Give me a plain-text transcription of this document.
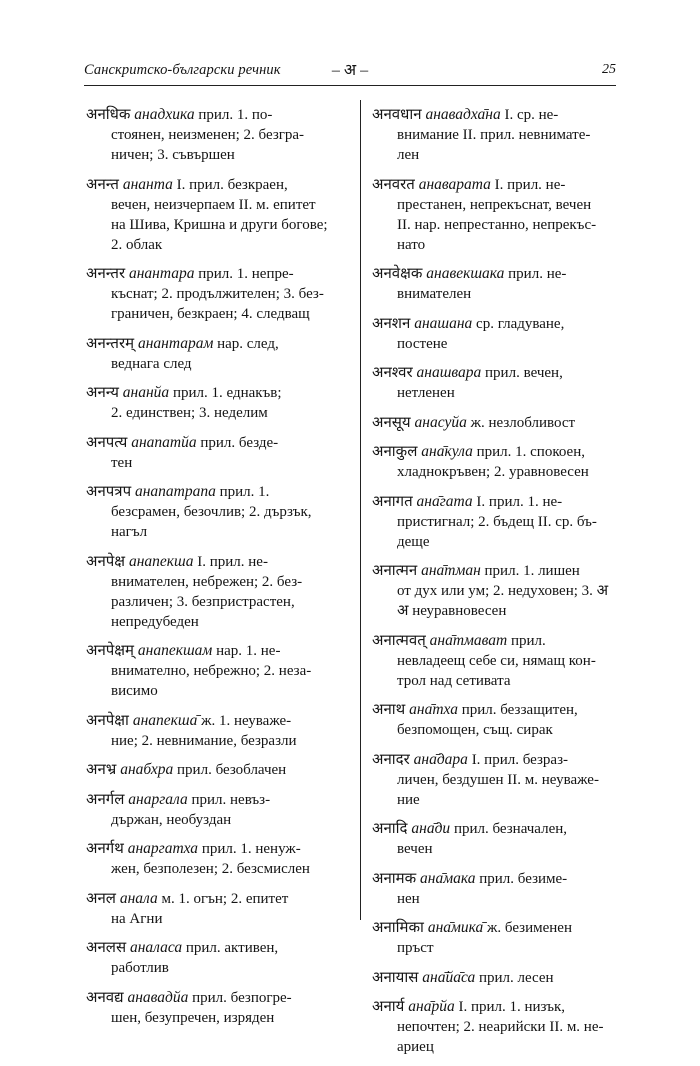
Санскритско-български речник	– अ –	25
अनधिक анадхика прил. 1. по-
стоянен, неизменен; 2. безгра-
ничен; 3. съвършен
अनन्त ананта I. прил. безкраен,
вечен, неизчерпаем II. м. епитет
на Шива, Кришна и други богове;
2. облак
अनन्तर анантара прил. 1. непре-
къснат; 2. продължителен; 3. без-
граничен, безкраен; 4. следващ
अनन्तरम् анантарам нар. след,
веднага след
अनन्य ананйа прил. 1. еднакъв;
2. единствен; 3. неделим
अनपत्य анапатйа прил. безде-
тен
अनपत्रप анапатрапа прил. 1.
безсрамен, безочлив; 2. дързък,
нагъл
अनपेक्ष анапекша I. прил. не-
внимателен, небрежен; 2. без-
различен; 3. безпристрастен,
непредубеден
अनपेक्षम् анапекшам нар. 1. не-
внимателно, небрежно; 2. неза-
висимо
अनपेक्षा анапекша̄ ж. 1. неуваже-
ние; 2. невнимание, безразли
अनभ्र анабхра прил. безоблачен
अनर्गल анаргала прил. невъз-
държан, необуздан
अनर्गथ анаргатха прил. 1. ненуж-
жен, безполезен; 2. безсмислен
अनल анала м. 1. огън; 2. епитет
на Агни
अनलस аналаса прил. активен,
работлив
अनवद्य анавадйа прил. безпогре-
шен, безупречен, изряден
अनवधान анавадха̄на I. ср. не-
внимание II. прил. невнимате-
лен
अनवरत анаварата I. прил. не-
престанен, непрекъснат, вечен
II. нар. непрестанно, непрекъс-
нато
अनवेक्षक анавекшака прил. не-
внимателен
अनशन анашана ср. гладуване,
постене
अनश्वर анашвара прил. вечен,
нетленен
अनसूय анасуйа ж. незлобливост
अनाकुल ана̄кула прил. 1. спокоен,
хладнокръвен; 2. уравновесен
अनागत ана̄гата I. прил. 1. не-
пристигнал; 2. бъдещ II. ср. бъ-
деще
अनात्मन ана̄тман прил. 1. лишен
от дух или ум; 2. недуховен; 3. अ
अ неуравновесен
अनात्मवत् ана̄тмават прил.
невладеещ себе си, нямащ кон-
трол над сетивата
अनाथ ана̄тха прил. беззащитен,
безпомощен, същ. сирак
अनादर ана̄дара I. прил. безраз-
личен, бездушен II. м. неуваже-
ние
अनादि ана̄ди прил. безначален,
вечен
अनामक ана̄мака прил. безиме-
нен
अनामिका ана̄мика̄ ж. безименен
пръст
अनायास ана̄йа̄са прил. лесен
अनार्य ана̄рйа I. прил. 1. низък,
непочтен; 2. неарийски II. м. не-
ариец
